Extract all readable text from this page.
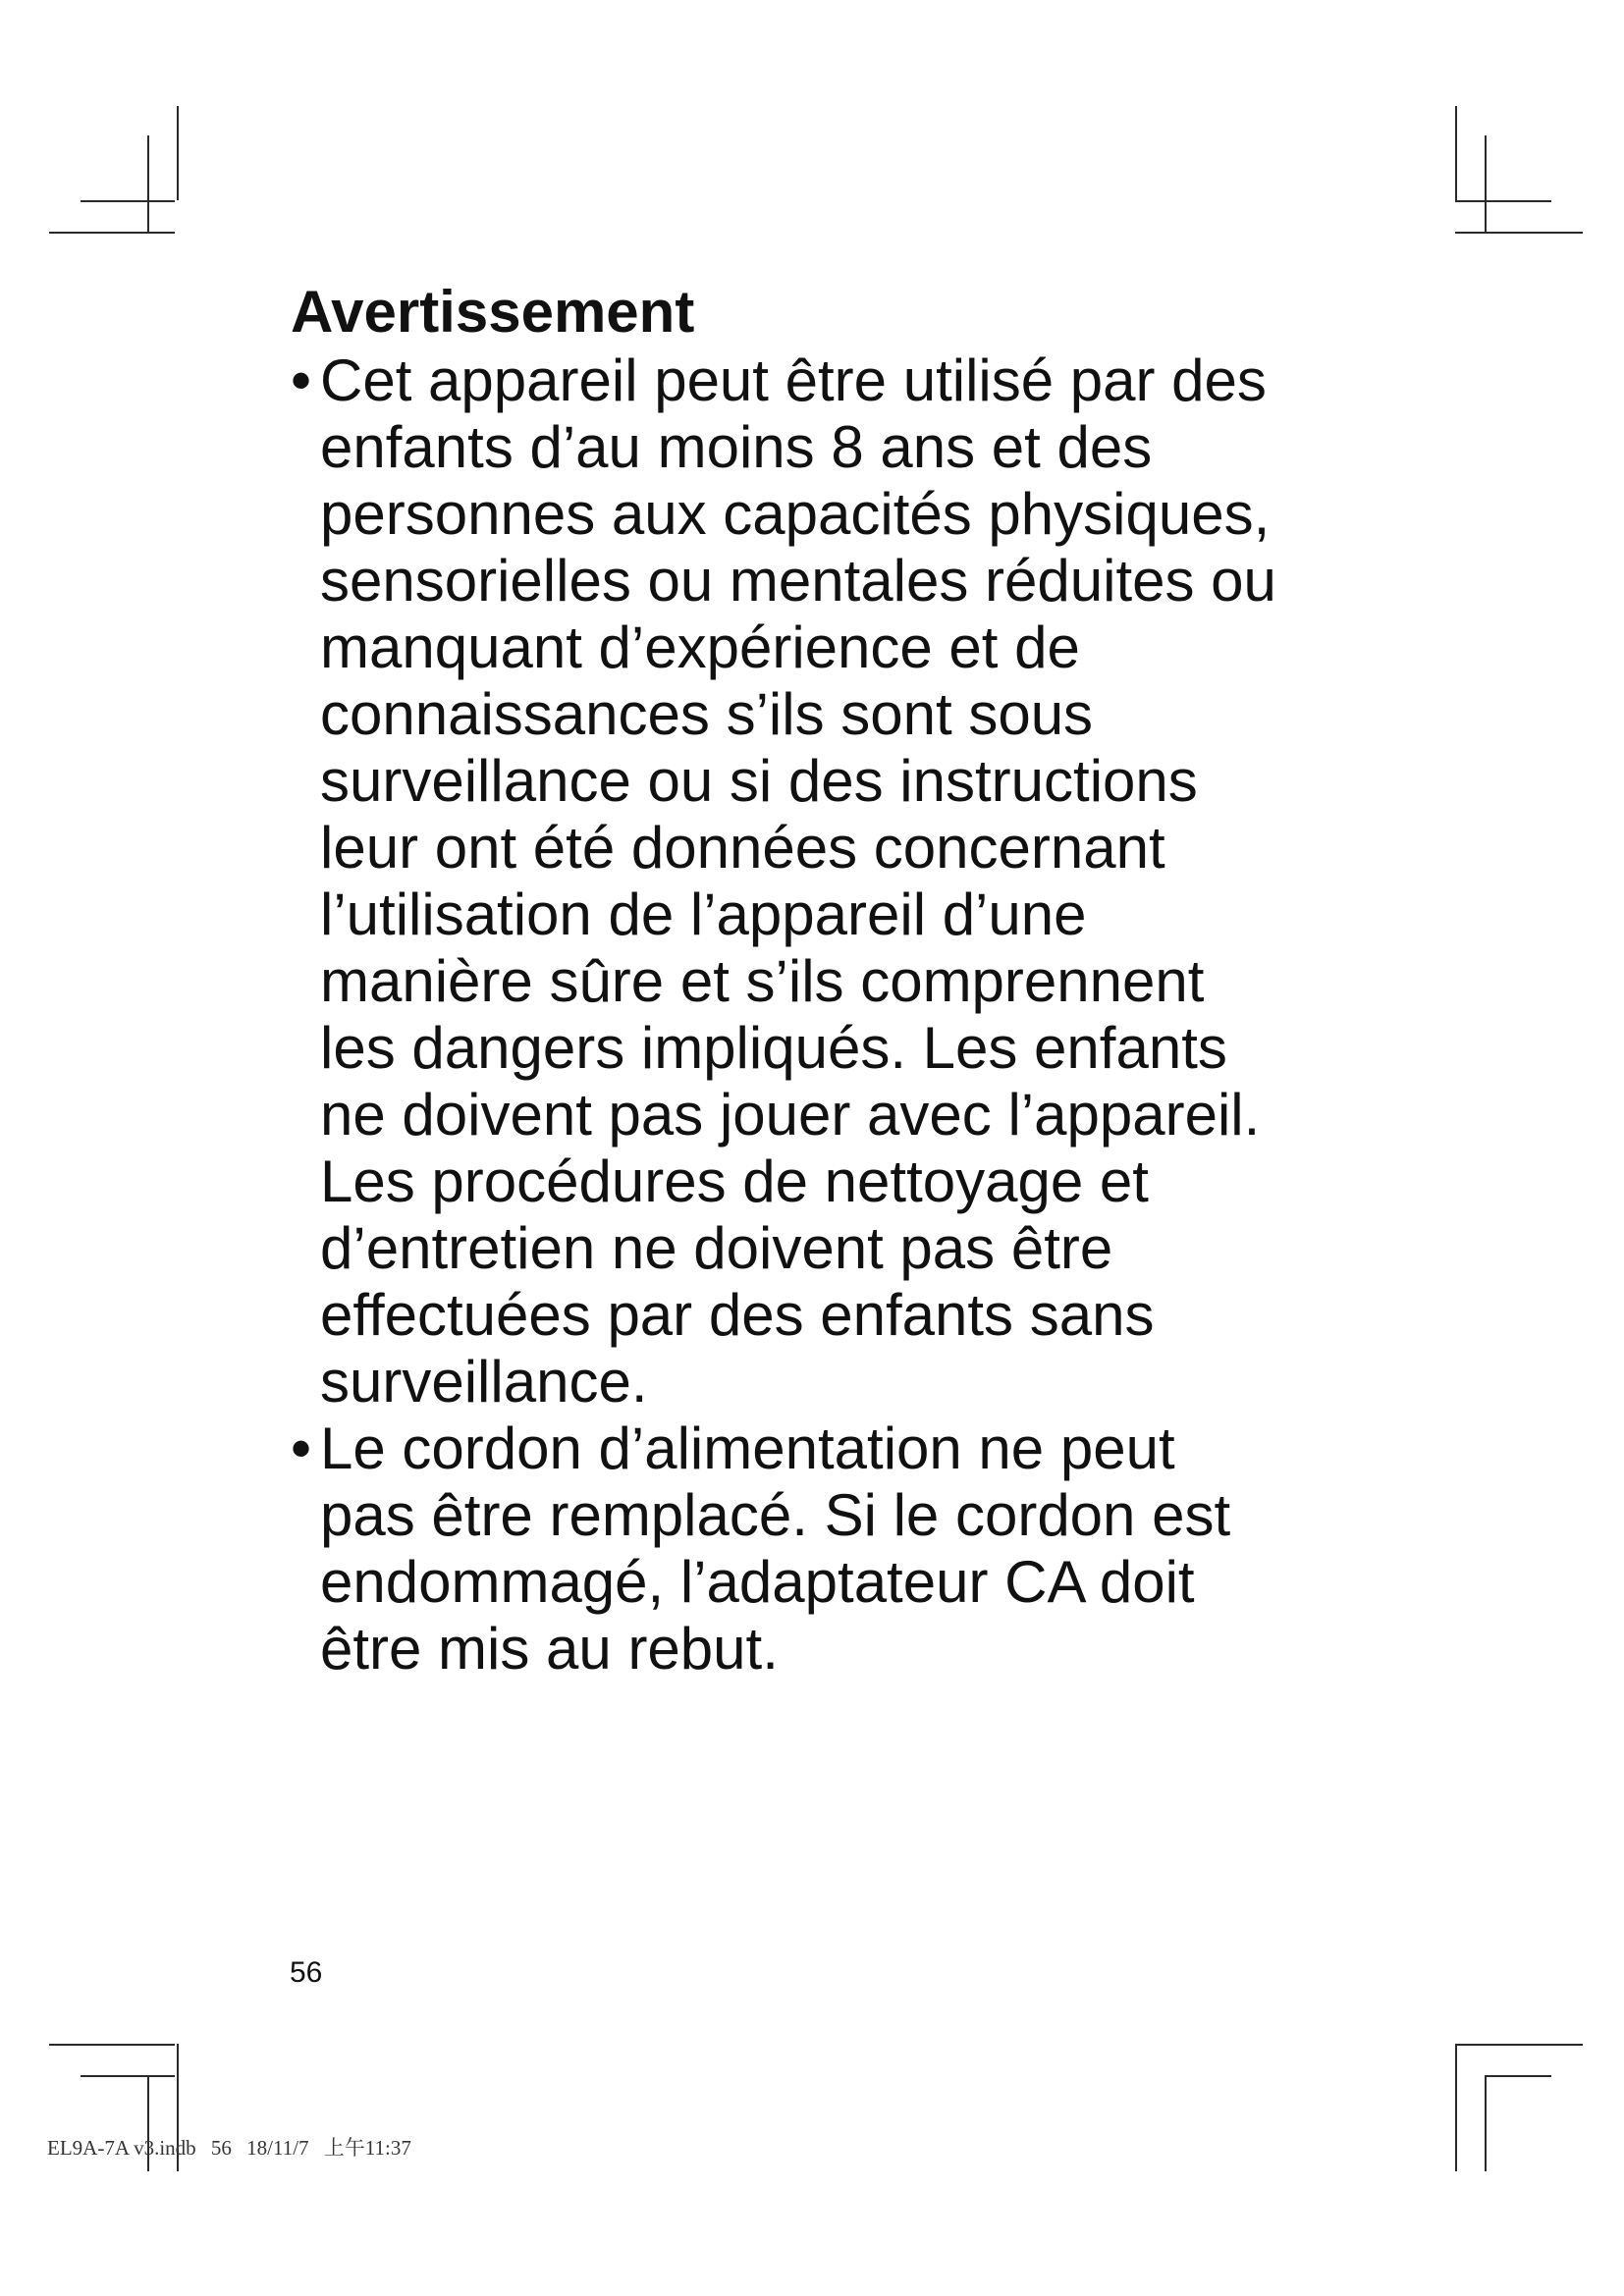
Avertissement
• Cet appareil peut être utilisé par des
enfants d’au moins 8 ans et des
personnes aux capacités physiques,
sensorielles ou mentales réduites ou
manquant d’expérience et de
connaissances s’ils sont sous
surveillance ou si des instructions
leur ont été données concernant
l’utilisation de l’appareil d’une
manière sûre et s’ils comprennent
les dangers impliqués. Les enfants
ne doivent pas jouer avec l’appareil.
Les procédures de nettoyage et
d’entretien ne doivent pas être
effectuées par des enfants sans
surveillance.
• Le cordon d’alimentation ne peut
pas être remplacé. Si le cordon est
endommagé, l’adaptateur CA doit
être mis au rebut.
56
EL9A-7A v3.indb 56 18/11/7 上午11:37
